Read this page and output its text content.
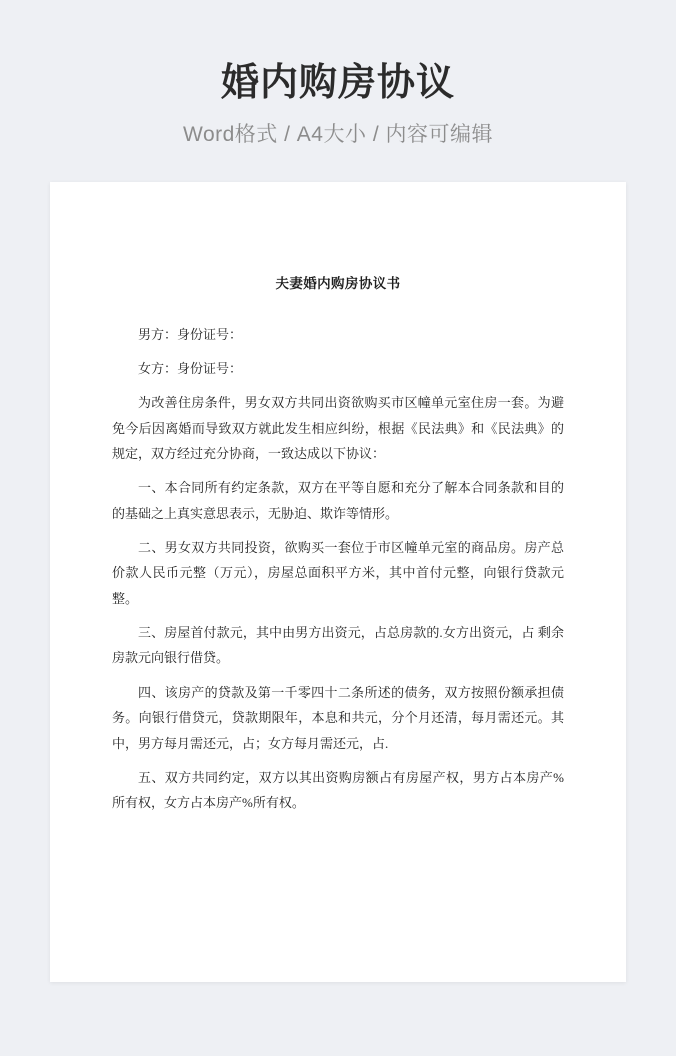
婚内购房协议
Word格式 / A4大小 / 内容可编辑
夫妻婚内购房协议书

男方：身份证号：

女方：身份证号：

为改善住房条件，男女双方共同出资欲购买市区幢单元室住房一套。为避免今后因离婚而导致双方就此发生相应纠纷，根据《民法典》和《民法典》的规定，双方经过充分协商，一致达成以下协议：

一、本合同所有约定条款，双方在平等自愿和充分了解本合同条款和目的的基础之上真实意思表示，无胁迫、欺诈等情形。

二、男女双方共同投资，欲购买一套位于市区幢单元室的商品房。房产总价款人民币元整（万元），房屋总面积平方米，其中首付元整，向银行贷款元整。

三、房屋首付款元，其中由男方出资元，占总房款的.女方出资元，占 剩余房款元向银行借贷。

四、该房产的贷款及第一千零四十二条所述的债务，双方按照份额承担债务。向银行借贷元，贷款期限年，本息和共元，分个月还清，每月需还元。其中，男方每月需还元，占；女方每月需还元，占.

五、双方共同约定，双方以其出资购房额占有房屋产权，男方占本房产%所有权，女方占本房产%所有权。
